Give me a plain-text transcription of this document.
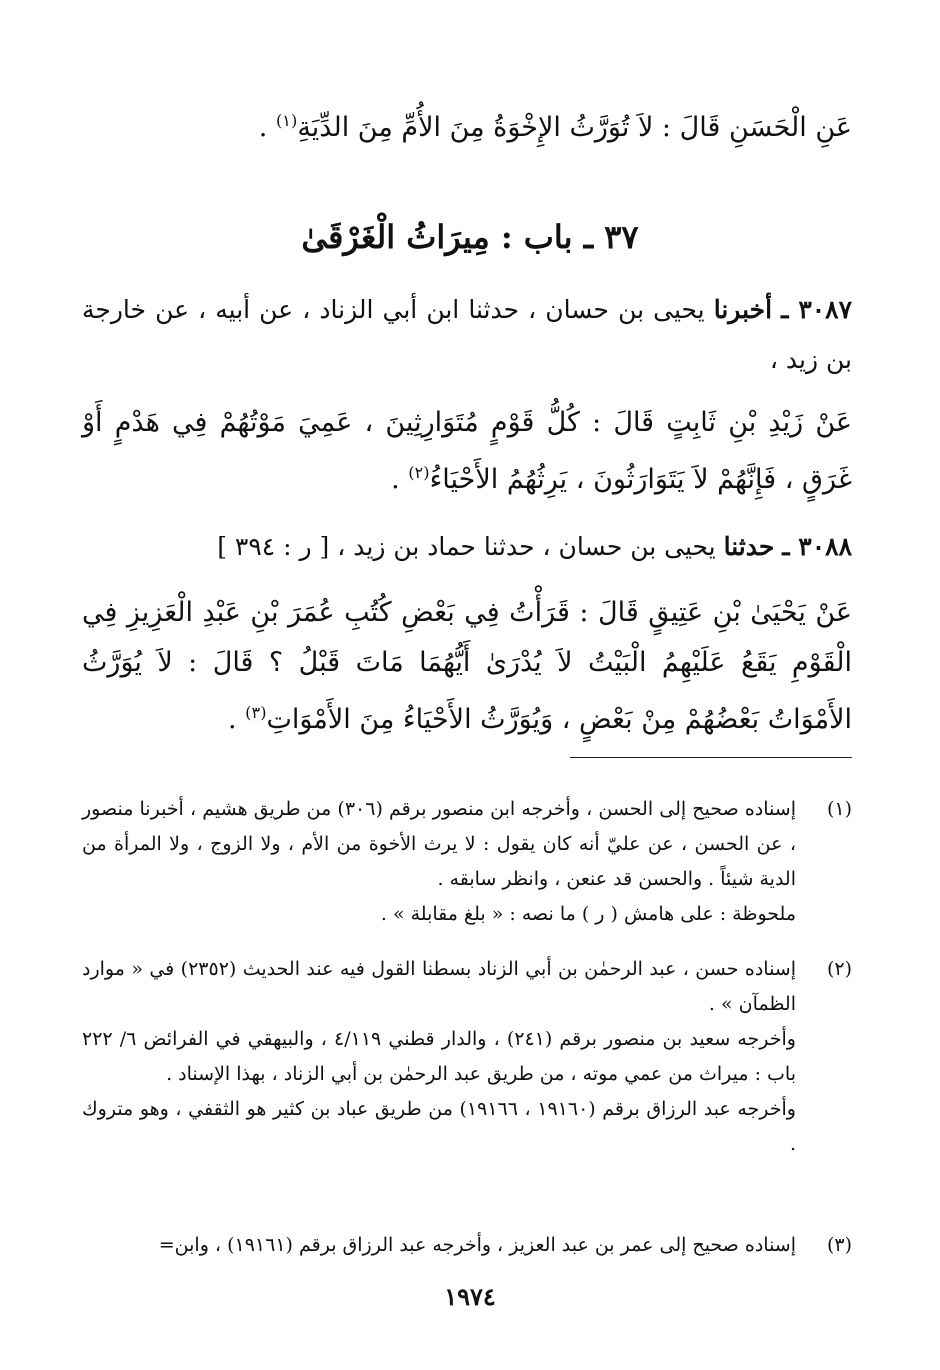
عَنِ الْحَسَنِ قَالَ : لاَ تُوَرَّثُ الإِخْوَةُ مِنَ الأُمِّ مِنَ الدِّيَةِ$^{(١)}$ .
٣٧ ـ باب : مِيرَاثُ الْغَرْقَىٰ
٣٠٨٧ ـ أخبرنا يحيى بن حسان ، حدثنا ابن أبي الزناد ، عن أبيه ، عن خارجة بن زيد ،
عَنْ زَيْدِ بْنِ ثَابِتٍ قَالَ : كُلُّ قَوْمٍ مُتَوَارِثِينَ ، عَمِيَ مَوْتُهُمْ فِي هَدْمٍ أَوْ غَرَقٍ ، فَإِنَّهُمْ لاَ يَتَوَارَثُونَ ، يَرِثُهُمُ الأَحْيَاءُ$^{(٢)}$ .
٣٠٨٨ ـ حدثنا يحيى بن حسان ، حدثنا حماد بن زيد ، [ ر : ٣٩٤ ]
عَنْ يَحْيَىٰ بْنِ عَتِيقٍ قَالَ : قَرَأْتُ فِي بَعْضِ كُتُبِ عُمَرَ بْنِ عَبْدِ الْعَزِيزِ فِي الْقَوْمِ يَقَعُ عَلَيْهِمُ الْبَيْتُ لاَ يُدْرَىٰ أَيُّهُمَا مَاتَ قَبْلُ ؟ قَالَ : لاَ يُوَرَّثُ الأَمْوَاتُ بَعْضُهُمْ مِنْ بَعْضٍ ، وَيُوَرَّثُ الأَحْيَاءُ مِنَ الأَمْوَاتِ$^{(٣)}$ .
(١)
إسناده صحيح إلى الحسن ، وأخرجه ابن منصور برقم (٣٠٦) من طريق هشيم ، أخبرنا منصور ، عن الحسن ، عن عليّ أنه كان يقول : لا يرث الأخوة من الأم ، ولا الزوج ، ولا المرأة من الدية شيئاً . والحسن قد عنعن ، وانظر سابقه .
ملحوظة : على هامش ( ر ) ما نصه : « بلغ مقابلة » .
(٢)
إسناده حسن ، عبد الرحمٰن بن أبي الزناد بسطنا القول فيه عند الحديث (٢٣٥٢) في « موارد الظمآن » .
وأخرجه سعيد بن منصور برقم (٢٤١) ، والدار قطني ٤/١١٩ ، والبيهقي في الفرائض ٦/ ٢٢٢ باب : ميراث من عمي موته ، من طريق عبد الرحمٰن بن أبي الزناد ، بهذا الإسناد .
وأخرجه عبد الرزاق برقم (١٩١٦٠ ، ١٩١٦٦) من طريق عباد بن كثير هو الثقفي ، وهو متروك .
(٣)
إسناده صحيح إلى عمر بن عبد العزيز ، وأخرجه عبد الرزاق برقم (١٩١٦١) ، وابن=
١٩٧٤
